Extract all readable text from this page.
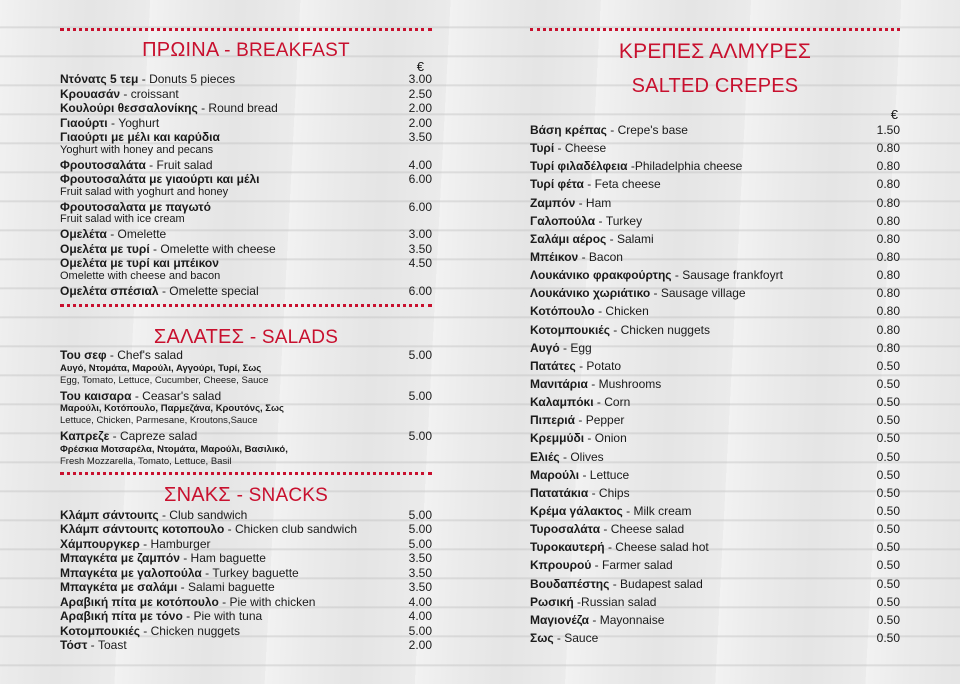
ΠΡΩΙΝΑ - BREAKFAST
€
Ντόνατς 5 τεμ - Donuts 5 pieces	3.00
Κρουασάν - croissant	2.50
Κουλούρι θεσσαλονίκης - Round bread	2.00
Γιαούρτι - Yoghurt	2.00
Γιαούρτι με μέλι και καρύδια	3.50
Yoghurt with honey and pecans
Φρουτοσαλάτα - Fruit salad	4.00
Φρουτοσαλάτα με γιαούρτι και μέλι	6.00
Fruit salad with yoghurt and honey
Φρουτοσαλατα με παγωτό	6.00
Fruit salad with ice cream
Ομελέτα - Omelette	3.00
Ομελέτα με τυρί - Omelette with cheese	3.50
Ομελέτα με τυρί και μπέικον	4.50
Omelette with cheese and bacon
Ομελέτα σπέσιαλ - Omelette special	6.00
ΣΑΛΑΤΕΣ - SALADS
Του σεφ - Chef's salad	5.00
Αυγό, Ντομάτα, Μαρούλι, Αγγούρι, Τυρί, Σως
Egg, Tomato, Lettuce, Cucumber, Cheese, Sauce
Του καισαρα - Ceasar's salad	5.00
Μαρούλι, Κοτόπουλο, Παρμεζάνα, Κρουτόνς, Σως
Lettuce, Chicken, Parmesane, Kroutons,Sauce
Καπρεζε - Capreze salad	5.00
Φρέσκια Μοτσαρέλα, Ντομάτα, Μαρούλι, Βασιλικό,
Fresh Mozzarella, Tomato, Lettuce, Basil
ΣΝΑΚΣ - SNACKS
Κλάμπ σάντουιτς - Club sandwich	5.00
Κλάμπ σάντουιτς κοτοπουλο - Chicken club sandwich	5.00
Χάμπουργκερ - Hamburger	5.00
Μπαγκέτα με ζαμπόν - Ham baguette	3.50
Μπαγκέτα με γαλοπούλα - Turkey baguette	3.50
Μπαγκέτα με σαλάμι - Salami baguette	3.50
Αραβική πίτα με κοτόπουλο - Pie with chicken	4.00
Αραβική πίτα με τόνο - Pie with tuna	4.00
Κοτομπουκιές - Chicken nuggets	5.00
Τόστ - Toast	2.00
ΚΡΕΠΕΣ ΑΛΜΥΡΕΣ
SALTED CREPES
€
Βάση κρέπας - Crepe's base	1.50
Τυρί - Cheese	0.80
Τυρί φιλαδέλφεια -Philadelphia cheese	0.80
Τυρί φέτα - Feta cheese	0.80
Ζαμπόν - Ham	0.80
Γαλοπούλα - Turkey	0.80
Σαλάμι αέρος - Salami	0.80
Μπέικον - Bacon	0.80
Λουκάνικο φρακφούρτης - Sausage frankfoyrt	0.80
Λουκάνικο χωριάτικο - Sausage village	0.80
Κοτόπουλο - Chicken	0.80
Κοτομπουκιές - Chicken nuggets	0.80
Αυγό - Egg	0.80
Πατάτες - Potato	0.50
Μανιτάρια - Mushrooms	0.50
Καλαμπόκι - Corn	0.50
Πιπεριά - Pepper	0.50
Κρεμμύδι - Onion	0.50
Ελιές - Olives	0.50
Μαρούλι - Lettuce	0.50
Πατατάκια - Chips	0.50
Κρέμα γάλακτος - Milk cream	0.50
Τυροσαλάτα - Cheese salad	0.50
Τυροκαυτερή - Cheese salad hot	0.50
Κπρουρού - Farmer salad	0.50
Βουδαπέστης - Budapest salad	0.50
Ρωσική -Russian salad	0.50
Μαγιονέζα - Mayonnaise	0.50
Σως - Sauce	0.50
